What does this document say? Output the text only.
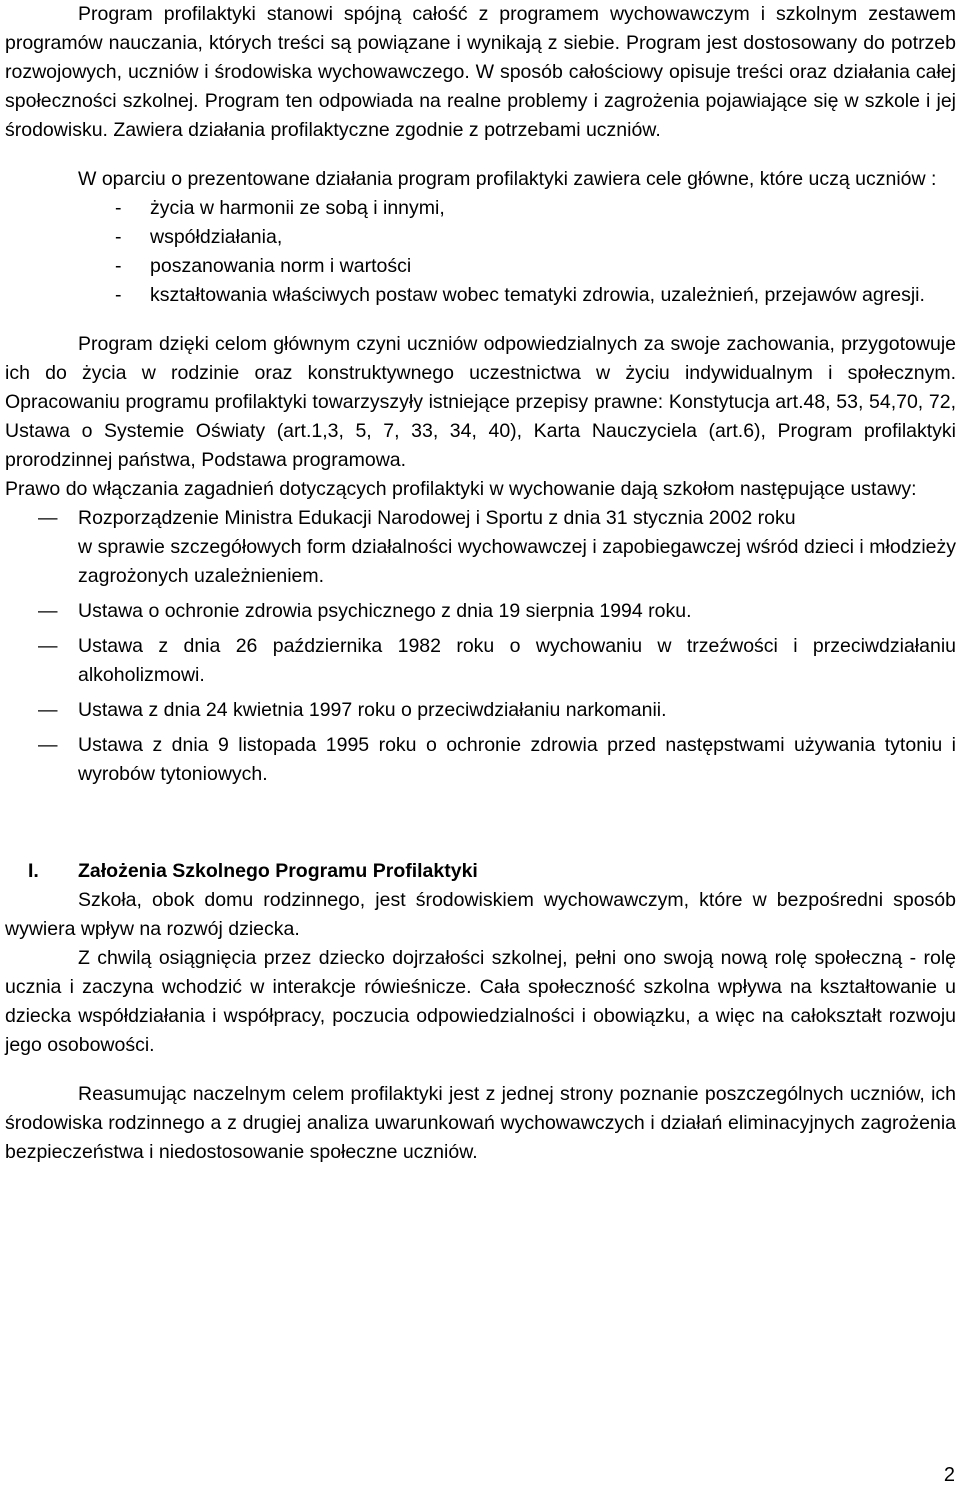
Program profilaktyki stanowi spójną całość z programem wychowawczym i szkolnym zestawem programów nauczania, których treści są powiązane i wynikają z siebie. Program jest dostosowany do potrzeb rozwojowych, uczniów i środowiska wychowawczego. W sposób całościowy opisuje treści oraz działania całej społeczności szkolnej. Program ten odpowiada na realne problemy i zagrożenia pojawiające się w szkole i jej środowisku. Zawiera działania profilaktyczne zgodnie z potrzebami uczniów.

W oparciu o prezentowane działania program profilaktyki zawiera cele główne, które uczą uczniów :

- życia w harmonii ze sobą i innymi,
- współdziałania,
- poszanowania norm i wartości
- kształtowania właściwych postaw wobec tematyki zdrowia, uzależnień, przejawów agresji.

Program dzięki celom głównym czyni uczniów odpowiedzialnych za swoje zachowania, przygotowuje ich do życia w rodzinie oraz konstruktywnego uczestnictwa w życiu indywidualnym i społecznym. Opracowaniu programu profilaktyki towarzyszyły istniejące przepisy prawne: Konstytucja art.48, 53, 54,70, 72, Ustawa o Systemie Oświaty (art.1,3, 5, 7, 33, 34, 40), Karta Nauczyciela (art.6), Program profilaktyki prorodzinnej państwa, Podstawa programowa.

Prawo do włączania zagadnień dotyczących profilaktyki w wychowanie dają szkołom następujące ustawy:

— Rozporządzenie Ministra Edukacji Narodowej i Sportu z dnia 31 stycznia 2002 roku
w sprawie szczegółowych form działalności wychowawczej i zapobiegawczej wśród dzieci i młodzieży zagrożonych uzależnieniem.
— Ustawa o ochronie zdrowia psychicznego z dnia 19 sierpnia 1994 roku.
— Ustawa z dnia 26 października 1982 roku o wychowaniu w trzeźwości i przeciwdziałaniu alkoholizmowi.
— Ustawa z dnia 24 kwietnia 1997 roku o przeciwdziałaniu narkomanii.
— Ustawa z dnia 9 listopada 1995 roku o ochronie zdrowia przed następstwami używania tytoniu i wyrobów tytoniowych.
I. Założenia Szkolnego Programu Profilaktyki

Szkoła, obok domu rodzinnego, jest środowiskiem wychowawczym, które w bezpośredni sposób wywiera wpływ na rozwój dziecka.

Z chwilą osiągnięcia przez dziecko dojrzałości szkolnej, pełni ono swoją nową rolę społeczną - rolę ucznia i zaczyna wchodzić w interakcje rówieśnicze. Cała społeczność szkolna wpływa na kształtowanie u dziecka współdziałania i współpracy, poczucia odpowiedzialności i obowiązku, a więc na całokształt rozwoju jego osobowości.

Reasumując naczelnym celem profilaktyki jest z jednej strony poznanie poszczególnych uczniów, ich środowiska rodzinnego a z drugiej analiza uwarunkowań wychowawczych i działań eliminacyjnych zagrożenia bezpieczeństwa i niedostosowanie społeczne uczniów.

2
